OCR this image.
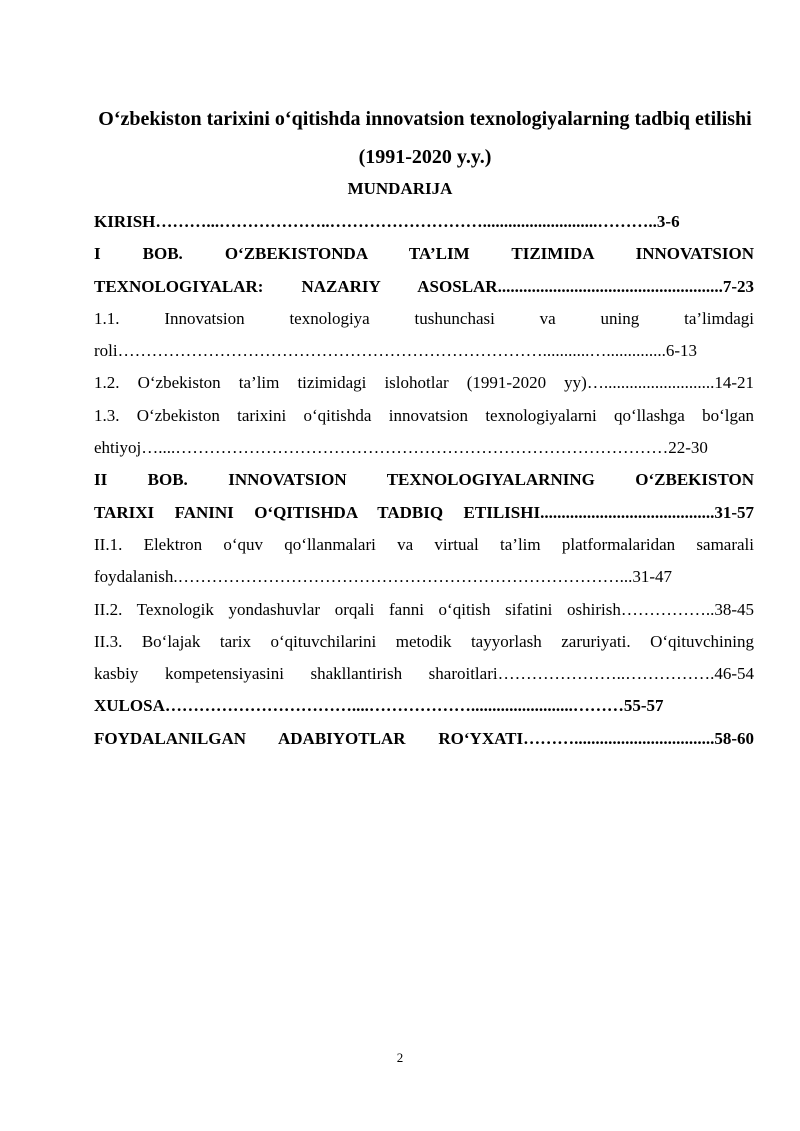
O‘zbekiston tarixini o‘qitishda innovatsion texnologiyalarning tadbiq etilishi (1991-2020 y.y.)
MUNDARIJA
KIRISH………...………………..………………………...........................………..3-6
I BOB. O‘ZBEKISTONDA TA’LIM TIZIMIDA INNOVATSION
TEXNOLOGIYALAR: NAZARIY ASOSLAR.....................................................7-23
1.1. Innovatsion texnologiya tushunchasi va uning ta’limdagi
roli…………………………………………………………………...........…..............6-13
1.2. O‘zbekiston ta’lim tizimidagi islohotlar (1991-2020 yy)…..........................14-21
1.3. O‘zbekiston tarixini o‘qitishda innovatsion texnologiyalarni qo‘llashga bo‘lgan
ehtiyoj…....……………………………………………………………………………22-30
II BOB. INNOVATSION TEXNOLOGIYALARNING O‘ZBEKISTON
TARIXI FANINI O‘QITISHDA TADBIQ ETILISHI.........................................31-57
II.1. Elektron o‘quv qo‘llanmalari va virtual ta’lim platformalaridan samarali
foydalanish.……………………………………………………………………...31-47
II.2. Texnologik yondashuvlar orqali fanni o‘qitish sifatini oshirish……………..38-45
II.3. Bo‘lajak tarix o‘qituvchilarini metodik tayyorlash zaruriyati. O‘qituvchining
kasbiy kompetensiyasini shakllantirish sharoitlari…………………..…………….46-54
XULOSA……………………………....………………........................………55-57
FOYDALANILGAN ADABIYOTLAR RO‘YXATI……….................................58-60
2
